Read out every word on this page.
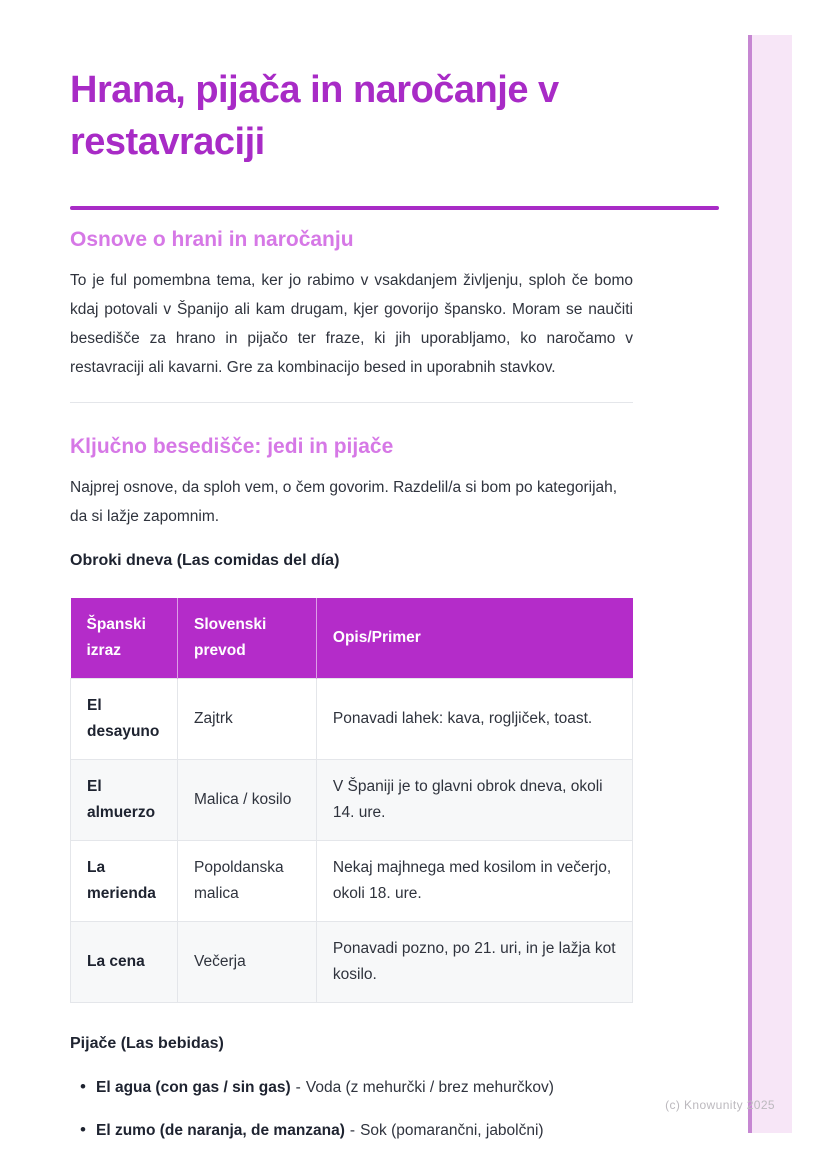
(c) Knowunity 2025
Hrana, pijača in naročanje v restavraciji
Osnove o hrani in naročanju

To je ful pomembna tema, ker jo rabimo v vsakdanjem življenju, sploh če bomo kdaj potovali v Španijo ali kam drugam, kjer govorijo špansko. Moram se naučiti besedišče za hrano in pijačo ter fraze, ki jih uporabljamo, ko naročamo v restavraciji ali kavarni. Gre za kombinacijo besed in uporabnih stavkov.

Ključno besedišče: jedi in pijače

Najprej osnove, da sploh vem, o čem govorim. Razdelil/a si bom po kategorijah, da si lažje zapomnim.

Obroki dneva (Las comidas del día)

Španski izraz	Slovenski prevod	Opis/Primer
El desayuno	Zajtrk	Ponavadi lahek: kava, rogljiček, toast.
El almuerzo	Malica / kosilo	V Španiji je to glavni obrok dneva, okoli 14. ure.
La merienda	Popoldanska malica	Nekaj majhnega med kosilom in večerjo, okoli 18. ure.
La cena	Večerja	Ponavadi pozno, po 21. uri, in je lažja kot kosilo.

Pijače (Las bebidas)

• El agua (con gas / sin gas) - Voda (z mehurčki / brez mehurčkov)
• El zumo (de naranja, de manzana) - Sok (pomarančni, jabolčni)
